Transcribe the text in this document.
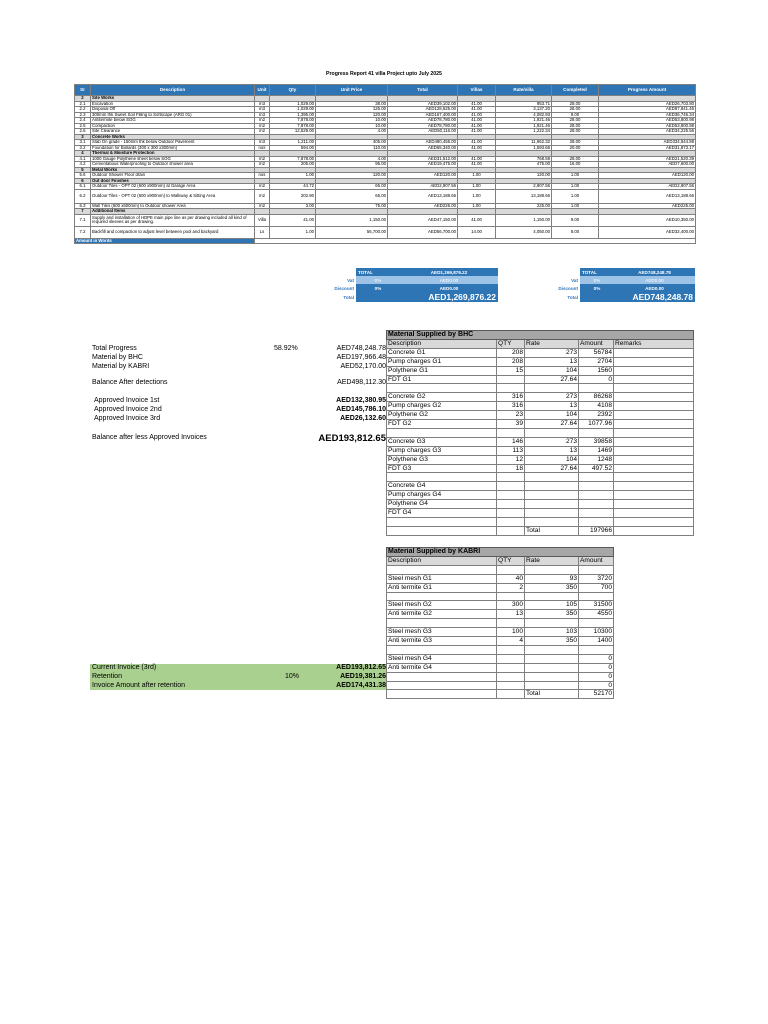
Progress Report 41 villa Project upto July 2025
Sr	Description	Unit	Qty	Unit Price	Total	Villas	Rate/villa	Completed	Progress Amount
2	Site Works								
2.1	Excavation	m3	1,029.00	38.00	AED39,102.00	41.00	953.71	28.00	AED26,703.80
2.2	Disposal Off	m3	1,029.00	125.00	AED128,625.00	41.00	3,137.20	28.00	AED87,841.46
2.3	300mm thk Sweet Soil Filling to Softscape (ARG 01)	m3	1,395.00	120.00	AED167,400.00	41.00	4,082.93	9.00	AED36,746.34
2.4	Antitermite below SOG	m2	7,878.00	10.00	AED78,780.00	41.00	1,921.46	28.00	AED53,800.98
2.5	Compaction	m2	7,878.00	10.00	AED78,780.00	41.00	1,921.46	28.00	AED53,800.98
2.6	Site Clearance	m2	12,529.00	4.00	AED50,116.00	41.00	1,222.34	28.00	AED34,225.56
3	Concrete Works								
3.1	Slab On grade - 150mm thk below Outdoor Pavement	m3	1,211.00	405.00	AED490,455.00	41.00	11,962.32	28.00	AED334,944.88
3.2	Foundation for Bollards (300 x 300 x300mm)	nos	594.00	110.00	AED65,340.00	41.00	1,593.66	20.00	AED31,873.17
4	Thermal & Moisture Protection								
4.1	1000 Gauge Polythene sheet below SOG	m2	7,878.00	4.00	AED31,512.00	41.00	768.59	28.00	AED21,520.39
4.2	Cementatious Waterproofing to Outdoor shower area	m2	205.00	95.00	AED19,475.00	41.00	475.00	16.00	AED7,600.00
5	Metal Works								
5.6	Outdoor Shower Floor drain	nos	1.00	120.00	AED120.00	1.00	120.00	1.00	AED120.00
6	Out door Finishes								
6.1	Outdoor Tiles - OPT 02 (600 x900mm) at Garage Area	m2	44.72	65.00	AED2,907.56	1.00	2,907.56	1.00	AED2,907.56
6.2	Outdoor Tiles - OPT 02 (600 x900mm) to Walkway & Sitting Area	m2	202.90	65.00	AED13,188.66	1.00	13,188.66	1.00	AED13,188.66
6.3	Wall Tiles (600 x600mm) to Outdoor shower Area	m2	3.00	75.00	AED225.00	1.00	225.00	1.00	AED225.00
7	Additional Items								
7.1	Supply and installation of HDPE main pipe line as per drawing included all kind of required sleeves as per drawing.	Villa	41.00	1,150.00	AED47,150.00	41.00	1,150.00	9.00	AED10,350.00
7.2	Backfill and compaction to adjust level between pool and backyard	Ls	1.00	56,700.00	AED56,700.00	14.00	4,050.00	8.00	AED32,400.00
Amount in Words									
	TOTAL	AED1,269,876.22
Vat	0%	AED0.00
Discount	0%	AED0.00
Total	AED1,269,876.22	
	TOTAL	AED748,248.78
Vat	0%	AED0.00
Discount	0%	AED0.00
Total	AED748,248.78	
Total Progress	58.92%	AED748,248.78
Material by BHC	AED197,966.48
Material by KABRI	AED52,170.00
Balance After detections	AED498,112.30
Approved Invoice 1st	AED132,380.95
Approved Invoice 2nd	AED145,786.10
Approved Invoice 3rd	AED26,132.60
Balance after less Approved Invoices	AED193,812.65
Current Invoice (3rd)	AED193,812.65
Retention	10%	AED19,381.26
Invoice Amount after retention	AED174,431.38
Material Supplied by BHC				
Description	QTY	Rate	Amount	Remarks
Concrete G1	208	273	56784	
Pump charges G1	208	13	2704	
Polythene G1	15	104	1560	
FDT G1		27.64	0	

Concrete G2	316	273	86268	
Pump charges G2	316	13	4108	
Polythene G2	23	104	2392	
FDT G2	39	27.64	1077.96	

Concrete G3	146	273	39858	
Pump charges G3	113	13	1469	
Polythene G3	12	104	1248	
FDT G3	18	27.64	497.52	

Concrete G4				
Pump charges G4				
Polythene G4				
FDT G4				

		Total	197966	
Material Supplied by KABRI			
Description	QTY	Rate	Amount

Steel mesh G1	40	93	3720
Anti termite G1	2	350	700

Steel mesh G2	300	105	31500
Anti termite G2	13	350	4550

Steel mesh G3	100	103	10300
Anti termite G3	4	350	1400

Steel mesh G4			0
Anti termite G4			0
			0
			0
		Total	52170
